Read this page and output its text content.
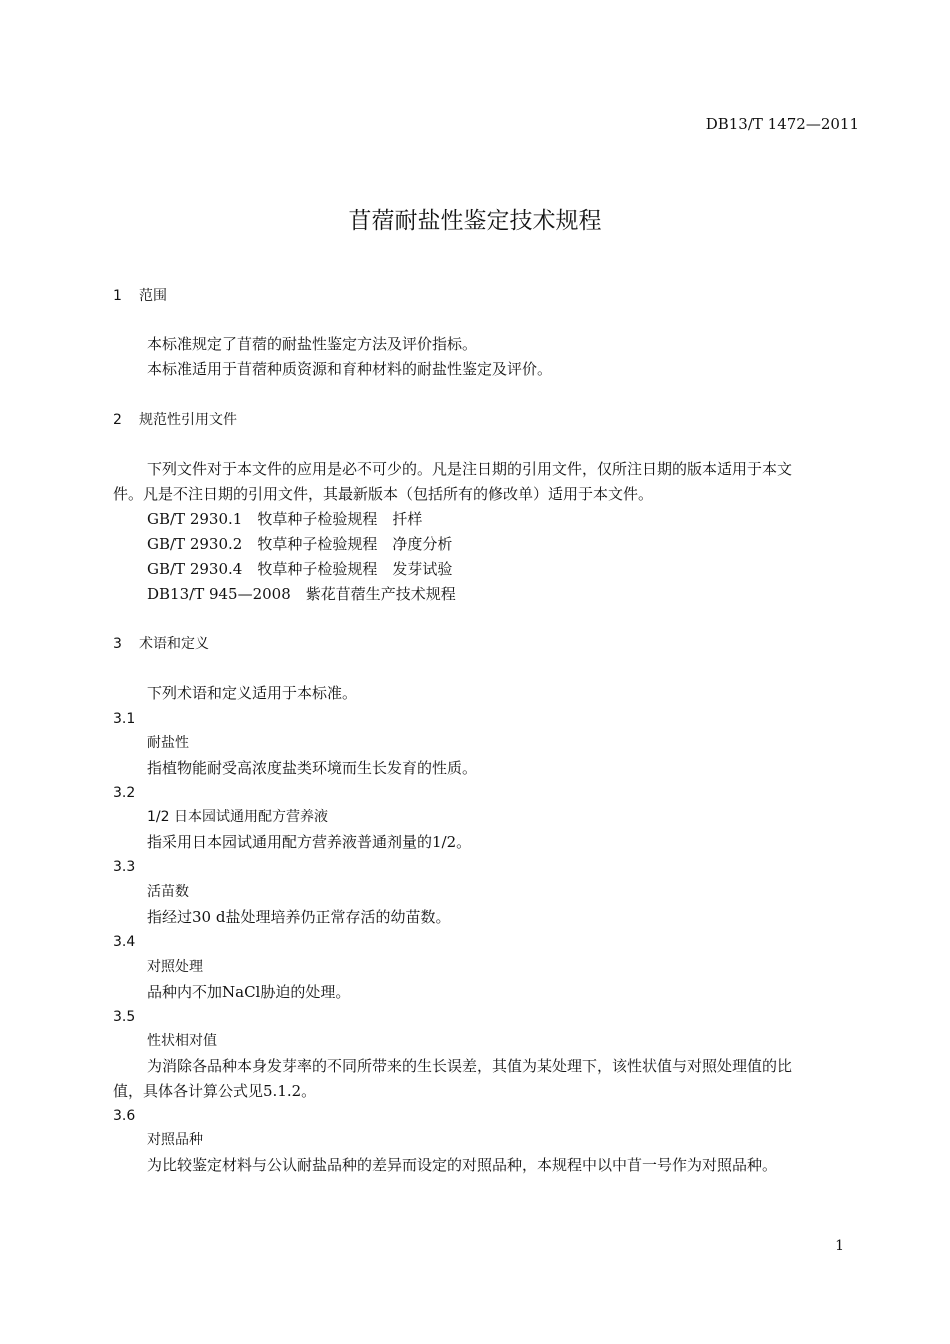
DB13/T 1472—2011
苜蓿耐盐性鉴定技术规程
1 范围
本标准规定了苜蓿的耐盐性鉴定方法及评价指标。
本标准适用于苜蓿种质资源和育种材料的耐盐性鉴定及评价。
2 规范性引用文件
下列文件对于本文件的应用是必不可少的。凡是注日期的引用文件，仅所注日期的版本适用于本文
件。凡是不注日期的引用文件，其最新版本（包括所有的修改单）适用于本文件。
GB/T 2930.1　牧草种子检验规程　扦样
GB/T 2930.2　牧草种子检验规程　净度分析
GB/T 2930.4　牧草种子检验规程　发芽试验
DB13/T 945—2008　紫花苜蓿生产技术规程
3 术语和定义
下列术语和定义适用于本标准。
3.1
耐盐性
指植物能耐受高浓度盐类环境而生长发育的性质。
3.2
1/2 日本园试通用配方营养液
指采用日本园试通用配方营养液普通剂量的1/2。
3.3
活苗数
指经过30 d盐处理培养仍正常存活的幼苗数。
3.4
对照处理
品种内不加NaCl胁迫的处理。
3.5
性状相对值
为消除各品种本身发芽率的不同所带来的生长误差，其值为某处理下，该性状值与对照处理值的比
值，具体各计算公式见5.1.2。
3.6
对照品种
为比较鉴定材料与公认耐盐品种的差异而设定的对照品种，本规程中以中苜一号作为对照品种。
1
